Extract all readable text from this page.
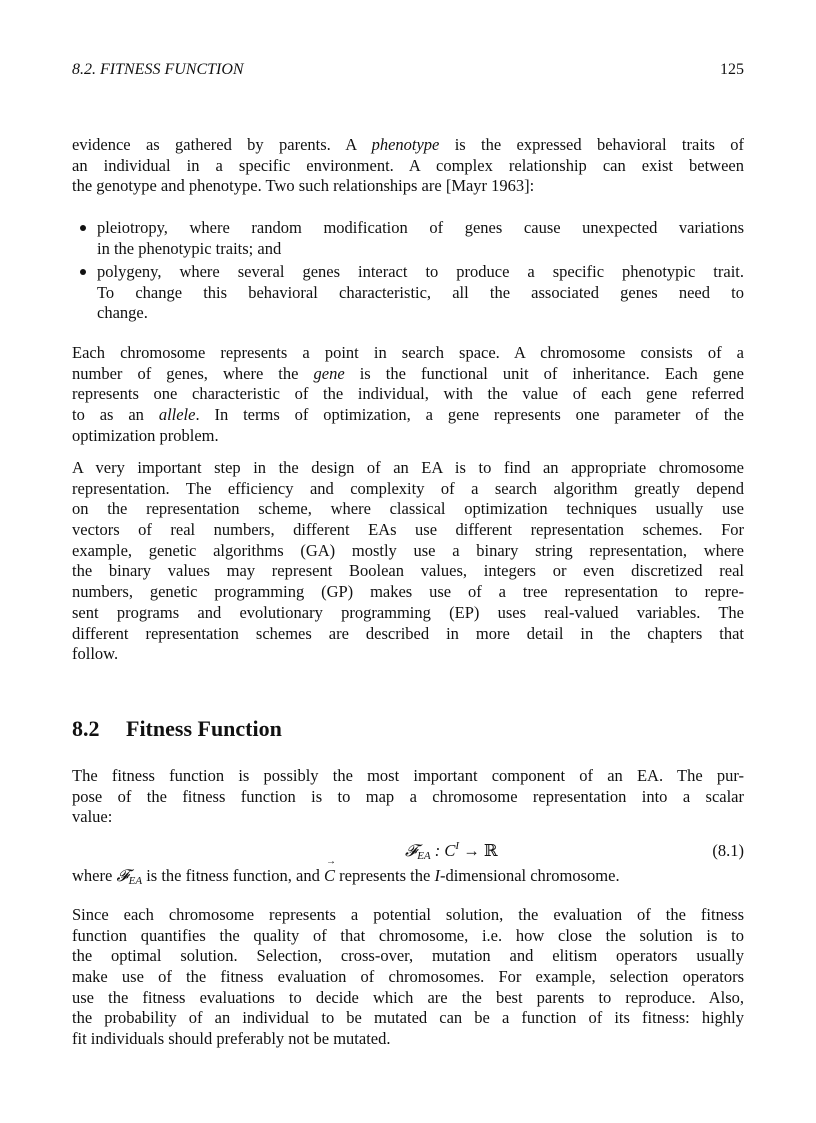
8.2. FITNESS FUNCTION	125
evidence as gathered by parents. A phenotype is the expressed behavioral traits of
an individual in a specific environment. A complex relationship can exist between
the genotype and phenotype. Two such relationships are [Mayr 1963]:
pleiotropy, where random modification of genes cause unexpected variations
in the phenotypic traits; and
polygeny, where several genes interact to produce a specific phenotypic trait.
To change this behavioral characteristic, all the associated genes need to
change.
Each chromosome represents a point in search space. A chromosome consists of a
number of genes, where the gene is the functional unit of inheritance. Each gene
represents one characteristic of the individual, with the value of each gene referred
to as an allele. In terms of optimization, a gene represents one parameter of the
optimization problem.
A very important step in the design of an EA is to find an appropriate chromosome
representation. The efficiency and complexity of a search algorithm greatly depend
on the representation scheme, where classical optimization techniques usually use
vectors of real numbers, different EAs use different representation schemes. For
example, genetic algorithms (GA) mostly use a binary string representation, where
the binary values may represent Boolean values, integers or even discretized real
numbers, genetic programming (GP) makes use of a tree representation to repre-
sent programs and evolutionary programming (EP) uses real-valued variables. The
different representation schemes are described in more detail in the chapters that
follow.
8.2 Fitness Function
The fitness function is possibly the most important component of an EA. The pur-
pose of the fitness function is to map a chromosome representation into a scalar
value:
𝓕$_{EA}$ : $C^I$ → ℝ	(8.1)
where 𝓕$_{EA}$ is the fitness function, and → C represents the I-dimensional chromosome.
Since each chromosome represents a potential solution, the evaluation of the fitness
function quantifies the quality of that chromosome, i.e. how close the solution is to
the optimal solution. Selection, cross-over, mutation and elitism operators usually
make use of the fitness evaluation of chromosomes. For example, selection operators
use the fitness evaluations to decide which are the best parents to reproduce. Also,
the probability of an individual to be mutated can be a function of its fitness: highly
fit individuals should preferably not be mutated.
